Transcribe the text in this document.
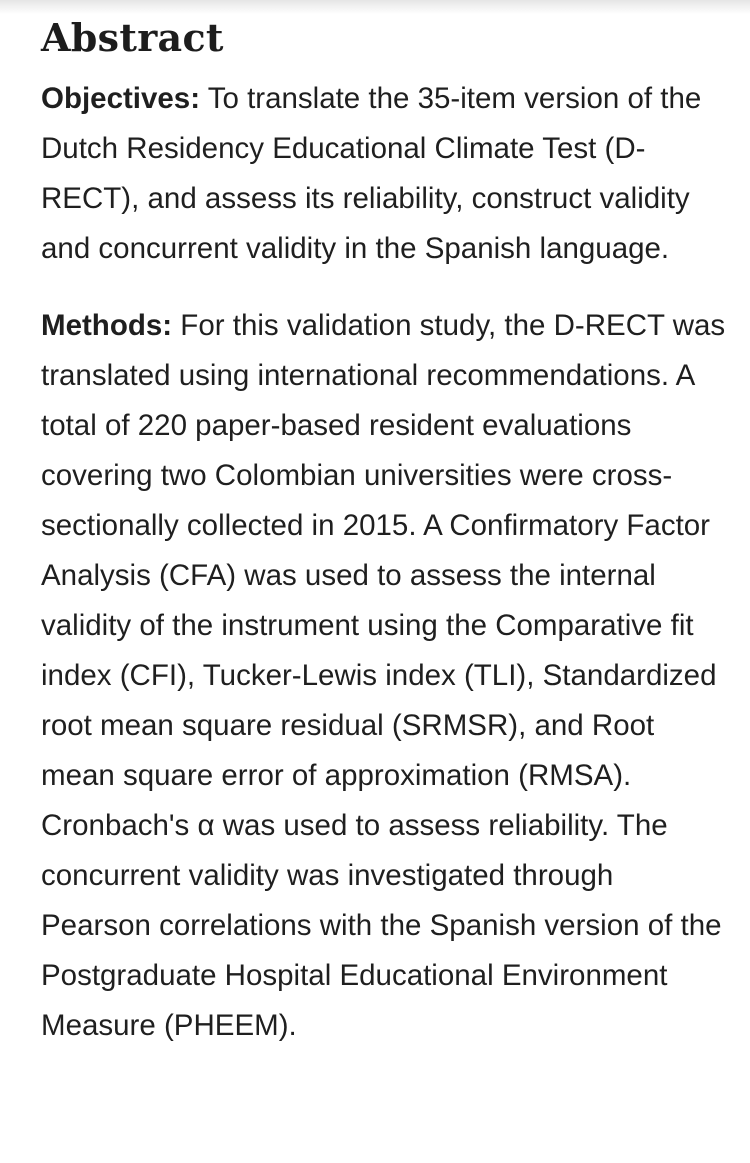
Abstract

Objectives: To translate the 35-item version of the Dutch Residency Educational Climate Test (D-RECT), and assess its reliability, construct validity and concurrent validity in the Spanish language.

Methods: For this validation study, the D-RECT was translated using international recommendations. A total of 220 paper-based resident evaluations covering two Colombian universities were cross-sectionally collected in 2015. A Confirmatory Factor Analysis (CFA) was used to assess the internal validity of the instrument using the Comparative fit index (CFI), Tucker-Lewis index (TLI), Standardized root mean square residual (SRMSR), and Root mean square error of approximation (RMSA). Cronbach's α was used to assess reliability. The concurrent validity was investigated through Pearson correlations with the Spanish version of the Postgraduate Hospital Educational Environment Measure (PHEEM).
